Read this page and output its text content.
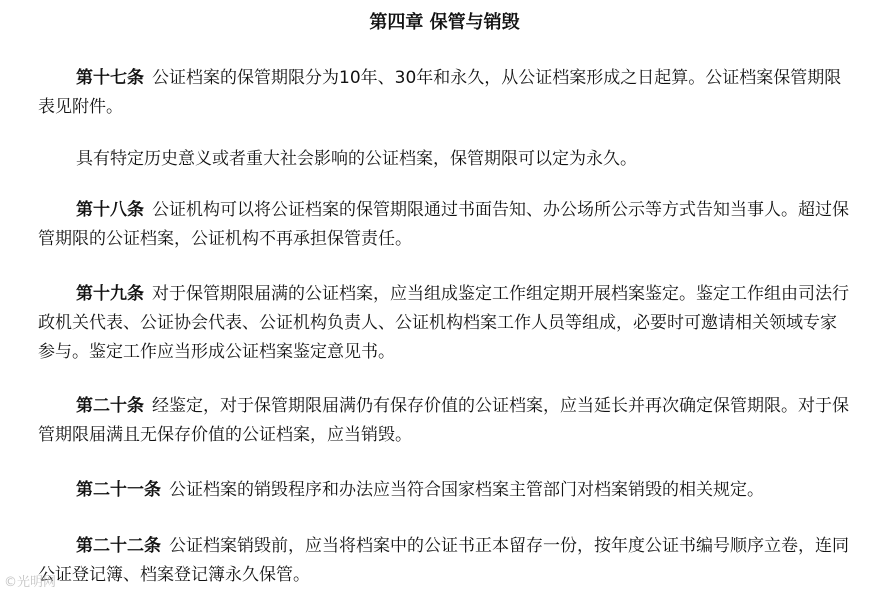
第四章 保管与销毁

第十七条 公证档案的保管期限分为10年、30年和永久，从公证档案形成之日起算。公证档案保管期限表见附件。

具有特定历史意义或者重大社会影响的公证档案，保管期限可以定为永久。

第十八条 公证机构可以将公证档案的保管期限通过书面告知、办公场所公示等方式告知当事人。超过保管期限的公证档案，公证机构不再承担保管责任。

第十九条 对于保管期限届满的公证档案，应当组成鉴定工作组定期开展档案鉴定。鉴定工作组由司法行政机关代表、公证协会代表、公证机构负责人、公证机构档案工作人员等组成，必要时可邀请相关领域专家参与。鉴定工作应当形成公证档案鉴定意见书。

第二十条 经鉴定，对于保管期限届满仍有保存价值的公证档案，应当延长并再次确定保管期限。对于保管期限届满且无保存价值的公证档案，应当销毁。

第二十一条 公证档案的销毁程序和办法应当符合国家档案主管部门对档案销毁的相关规定。

第二十二条 公证档案销毁前，应当将档案中的公证书正本留存一份，按年度公证书编号顺序立卷，连同公证登记簿、档案登记簿永久保管。

©光明网
